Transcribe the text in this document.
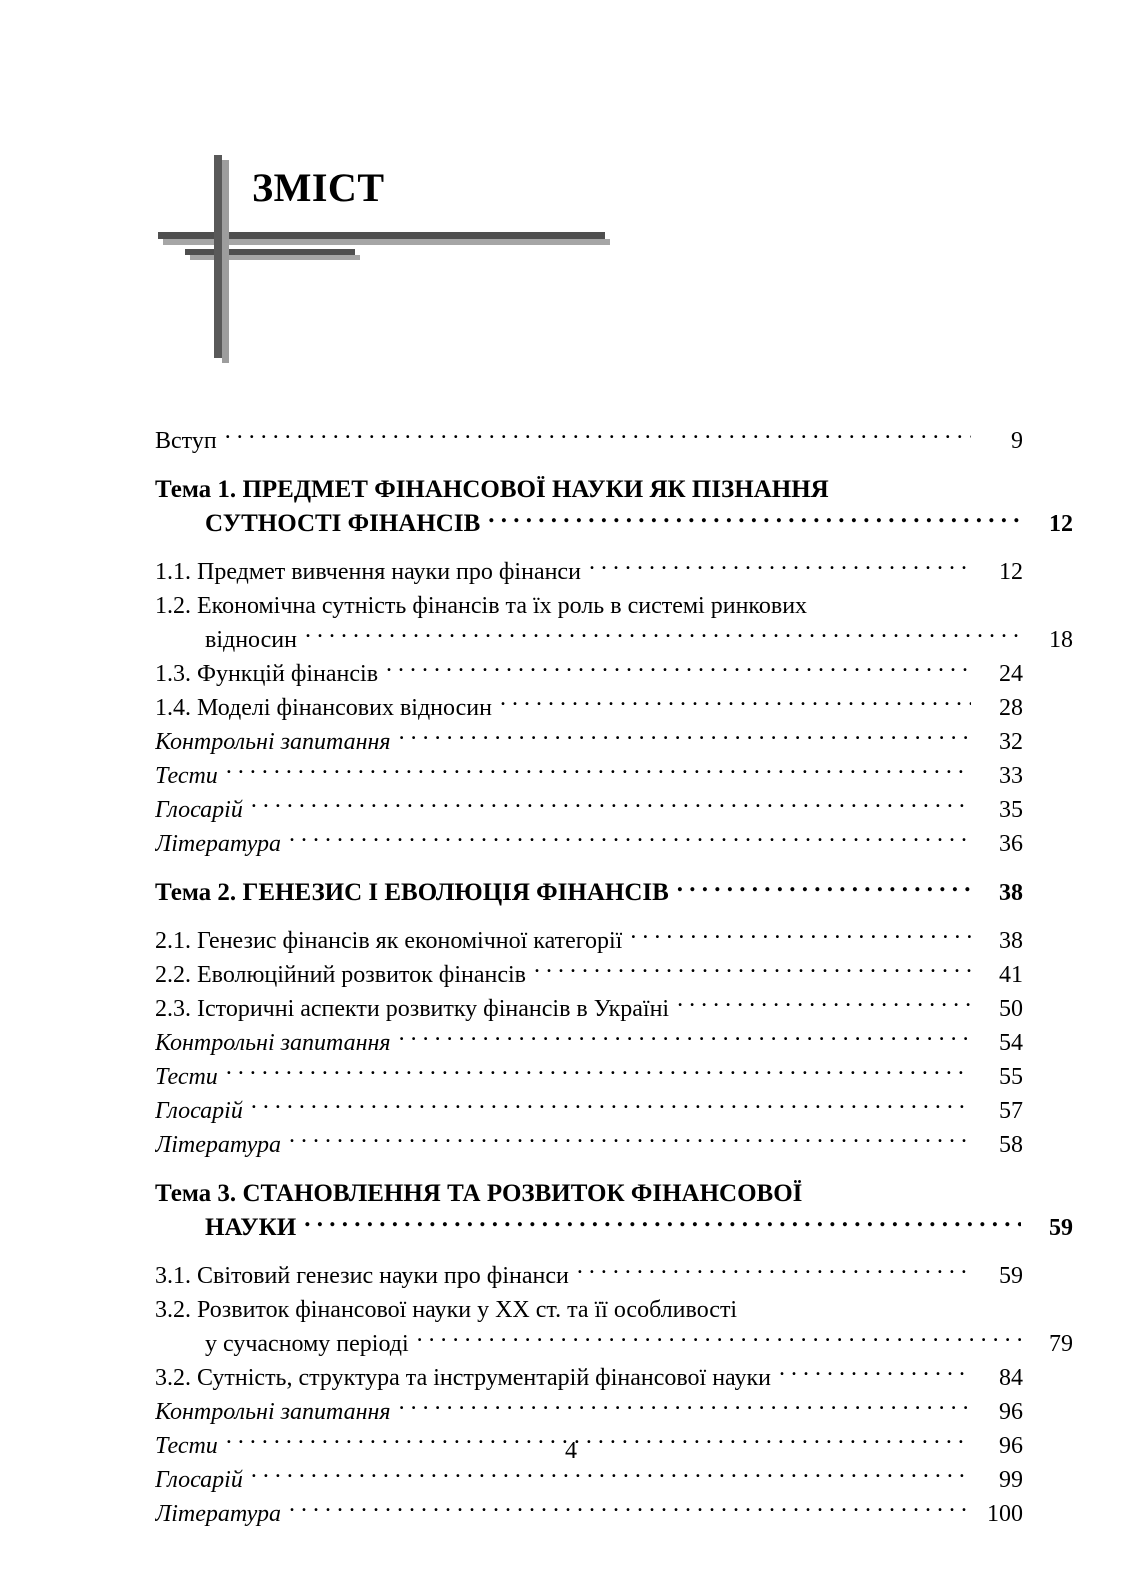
ЗМІСТ
Вступ . . .	9
Тема 1.
ПРЕДМЕТ ФІНАНСОВОЇ НАУКИ ЯК ПІЗНАННЯ
СУТНОСТІ ФІНАНСІВ . . .	12
1.1. Предмет вивчення науки про фінанси . . .	12
1.2. Економічна сутність фінансів та їх роль в системі ринкових
відносин . . .	18
1.3. Функцій фінансів . . .	24
1.4. Моделі фінансових відносин . . .	28
Контрольні запитання . . .	32
Тести . . .	33
Глосарій . . .	35
Література . . .	36
Тема 2.
ГЕНЕЗИС І ЕВОЛЮЦІЯ ФІНАНСІВ . . .	38
2.1. Генезис фінансів як економічної категорії . . .	38
2.2. Еволюційний розвиток фінансів . . .	41
2.3. Історичні аспекти розвитку фінансів в Україні . . .	50
Контрольні запитання . . .	54
Тести . . .	55
Глосарій . . .	57
Література . . .	58
Тема 3.
СТАНОВЛЕННЯ ТА РОЗВИТОК ФІНАНСОВОЇ
НАУКИ . . .	59
3.1. Світовий генезис науки про фінанси . . .	59
3.2. Розвиток фінансової науки у ХХ ст. та її особливості
у сучасному періоді . . .	79
3.2. Сутність, структура та інструментарій фінансової науки . . .	84
Контрольні запитання . . .	96
Тести . . .	96
Глосарій . . .	99
Література . . .	100
4
